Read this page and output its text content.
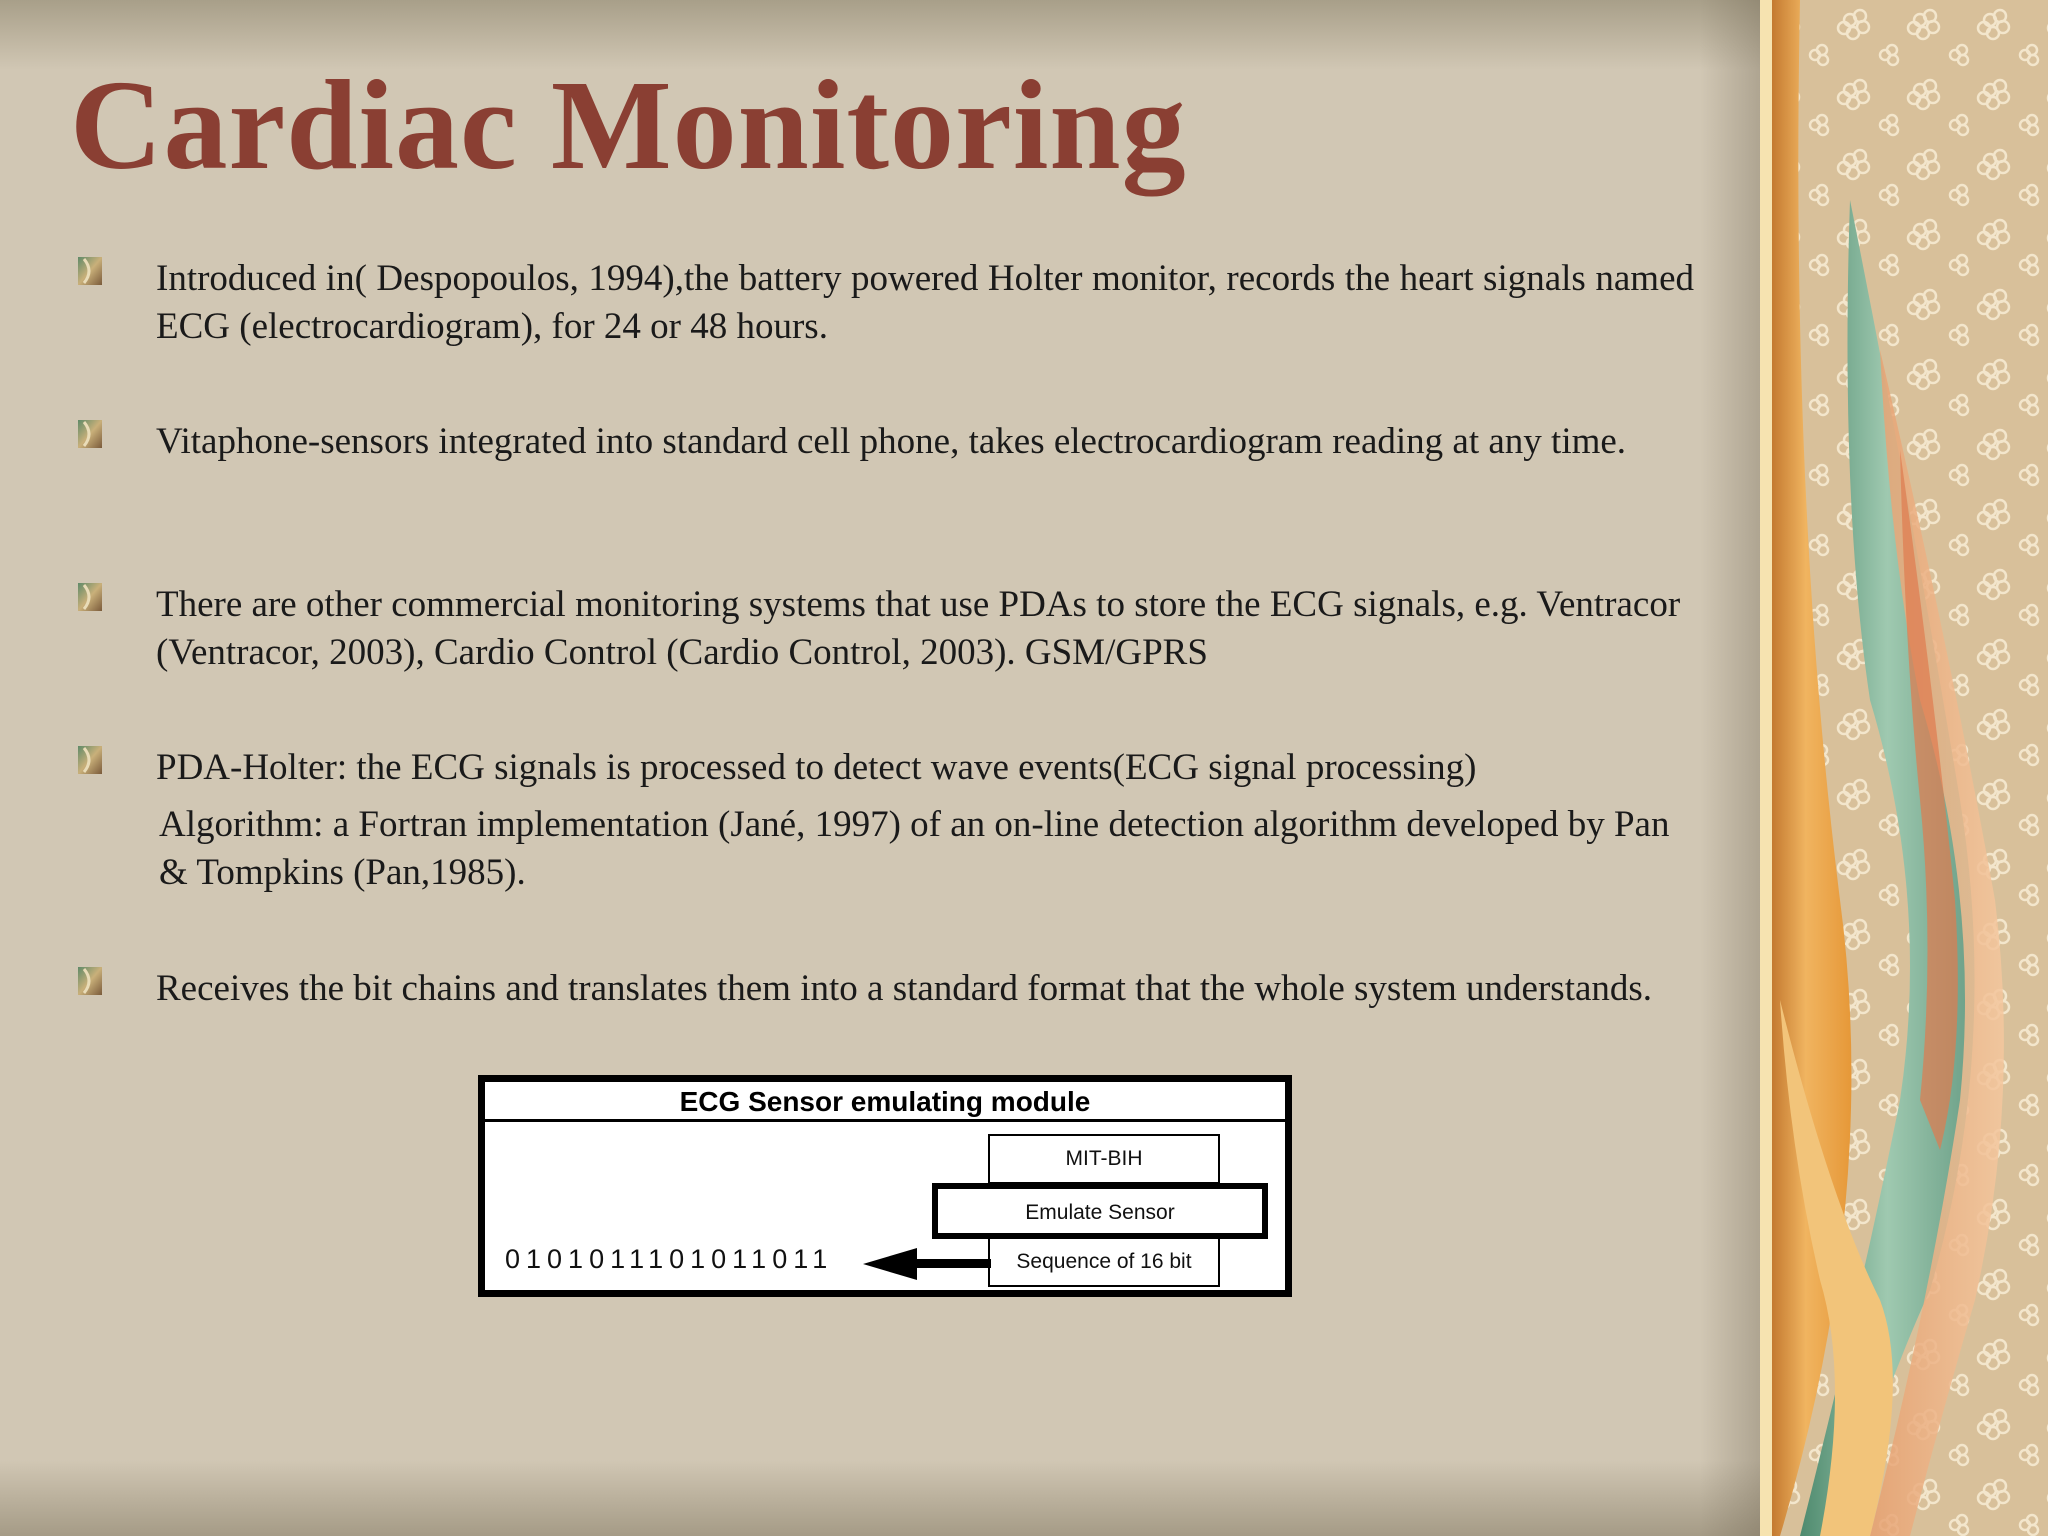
Cardiac Monitoring

Introduced in( Despopoulos, 1994),the battery powered Holter monitor, records the heart signals named ECG (electrocardiogram), for 24 or 48 hours.

Vitaphone-sensors integrated into standard cell phone, takes electrocardiogram reading at any time.

There are other commercial monitoring systems that use PDAs to store the ECG signals, e.g. Ventracor (Ventracor, 2003), Cardio Control (Cardio Control, 2003). GSM/GPRS

PDA-Holter: the ECG signals is processed to detect wave events(ECG signal processing)

Algorithm: a Fortran implementation (Jané, 1997) of an on-line detection algorithm developed by Pan & Tompkins (Pan,1985).

Receives the bit chains and translates them into a standard format that the whole system understands.

ECG Sensor emulating module
MIT-BIH
Emulate Sensor
Sequence of 16 bit
0101011101011011
